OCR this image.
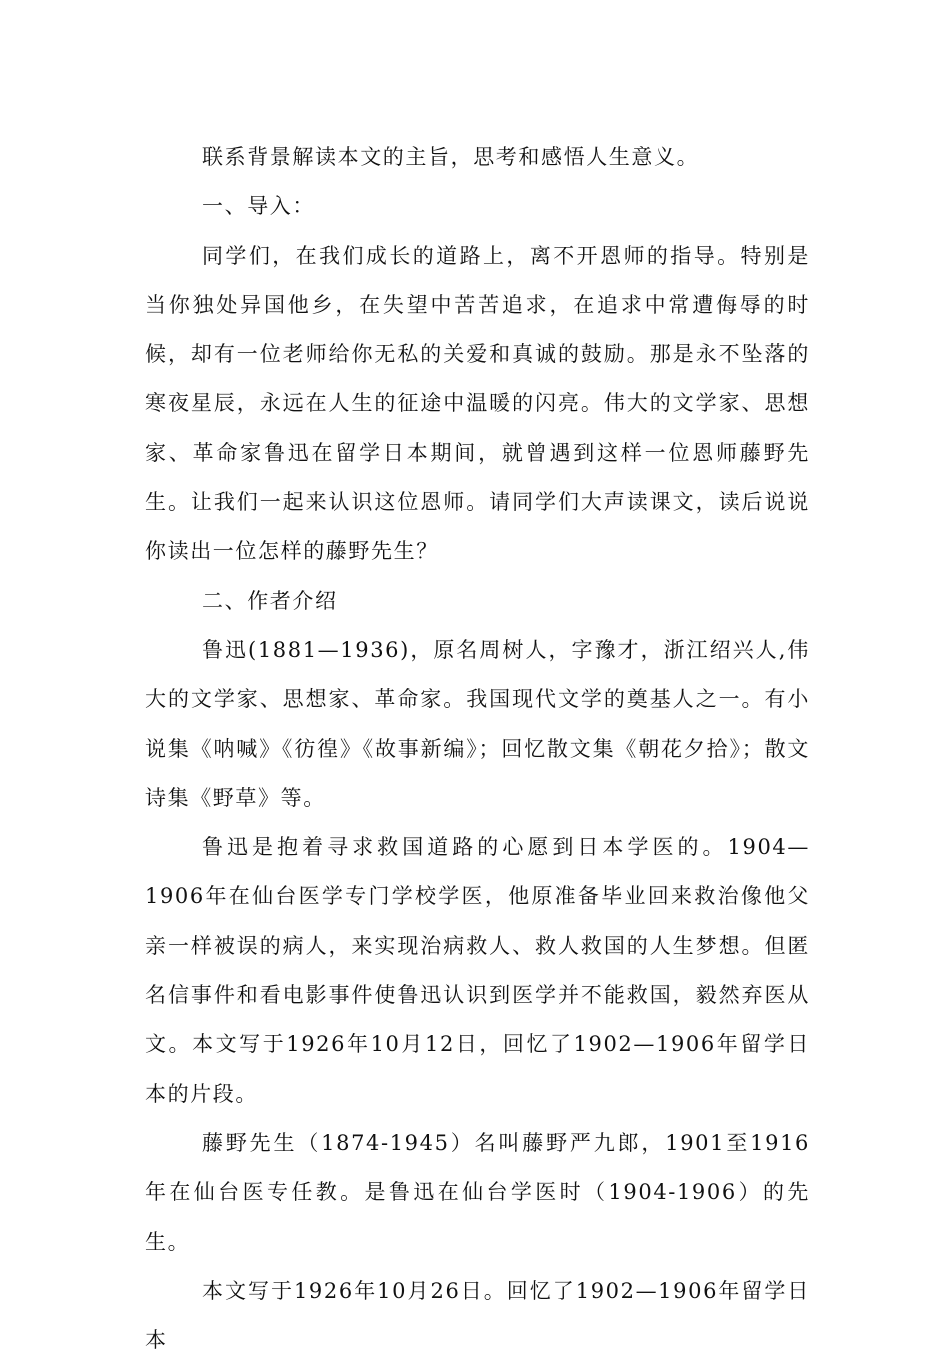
联系背景解读本文的主旨，思考和感悟人生意义。

一、导入：

同学们，在我们成长的道路上，离不开恩师的指导。特别是当你独处异国他乡，在失望中苦苦追求，在追求中常遭侮辱的时候，却有一位老师给你无私的关爱和真诚的鼓励。那是永不坠落的寒夜星辰，永远在人生的征途中温暖的闪亮。伟大的文学家、思想家、革命家鲁迅在留学日本期间，就曾遇到这样一位恩师藤野先生。让我们一起来认识这位恩师。请同学们大声读课文，读后说说你读出一位怎样的藤野先生？

二、作者介绍

鲁迅(1881—1936)，原名周树人，字豫才，浙江绍兴人,伟大的文学家、思想家、革命家。我国现代文学的奠基人之一。有小说集《呐喊》《彷徨》《故事新编》；回忆散文集《朝花夕拾》；散文诗集《野草》等。

鲁迅是抱着寻求救国道路的心愿到日本学医的。1904—1906年在仙台医学专门学校学医，他原准备毕业回来救治像他父亲一样被误的病人，来实现治病救人、救人救国的人生梦想。但匿名信事件和看电影事件使鲁迅认识到医学并不能救国，毅然弃医从文。本文写于1926年10月12日，回忆了1902—1906年留学日本的片段。

藤野先生（1874-1945）名叫藤野严九郎，1901至1916年在仙台医专任教。是鲁迅在仙台学医时（1904-1906）的先生。

本文写于1926年10月26日。回忆了1902—1906年留学日本
